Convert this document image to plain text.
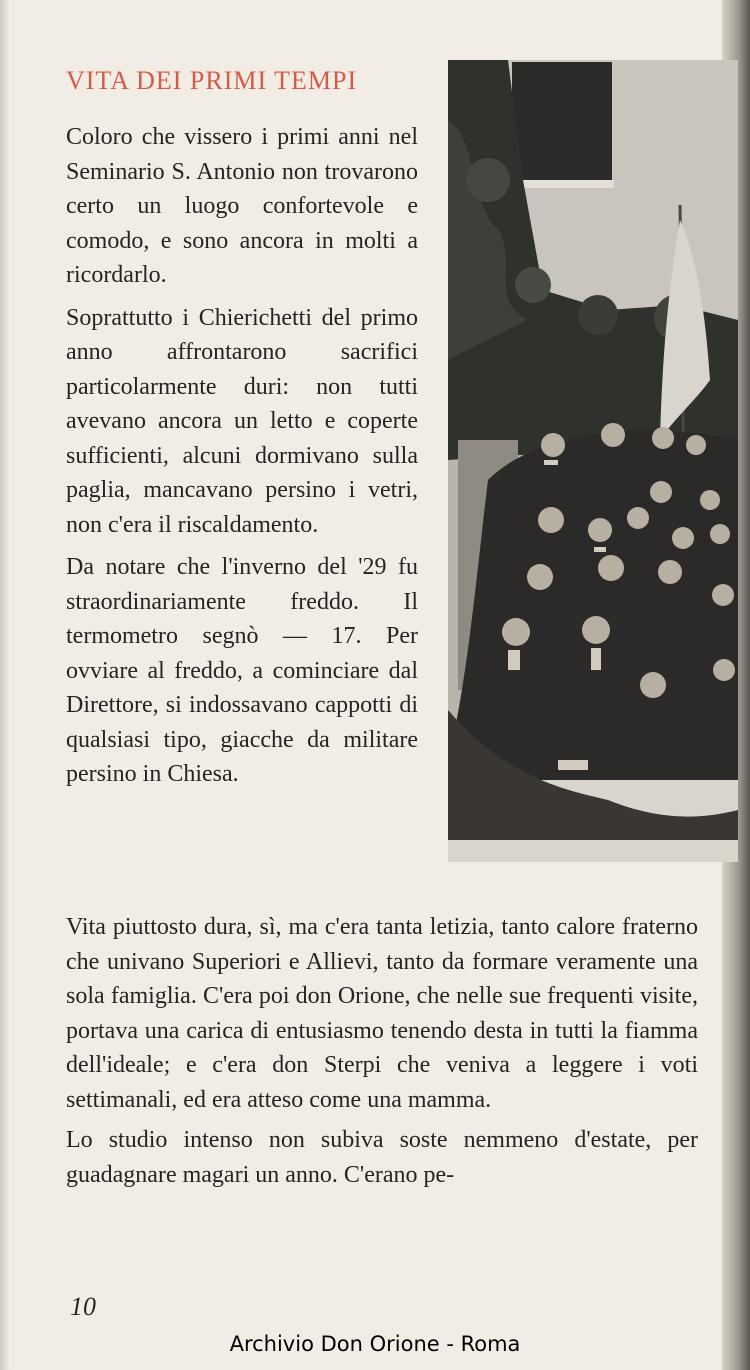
VITA DEI PRIMI TEMPI

Coloro che vissero i primi anni nel Seminario S. Antonio non trovarono certo un luogo confortevole e comodo, e sono ancora in molti a ricordarlo.

Soprattutto i Chierichetti del primo anno affrontarono sacrifici particolarmente duri: non tutti avevano ancora un letto e coperte sufficienti, alcuni dormivano sulla paglia, mancavano persino i vetri, non c'era il riscaldamento.

Da notare che l'inverno del '29 fu straordinariamente freddo. Il termometro segnò — 17. Per ovviare al freddo, a cominciare dal Direttore, si indossavano cappotti di qualsiasi tipo, giacche da militare persino in Chiesa.

Vita piuttosto dura, sì, ma c'era tanta letizia, tanto calore fraterno che univano Superiori e Allievi, tanto da formare veramente una sola famiglia. C'era poi don Orione, che nelle sue frequenti visite, portava una carica di entusiasmo tenendo desta in tutti la fiamma dell'ideale; e c'era don Sterpi che veniva a leggere i voti settimanali, ed era atteso come una mamma.

Lo studio intenso non subiva soste nemmeno d'estate, per guadagnare magari un anno. C'erano pe-

10
Archivio Don Orione - Roma
